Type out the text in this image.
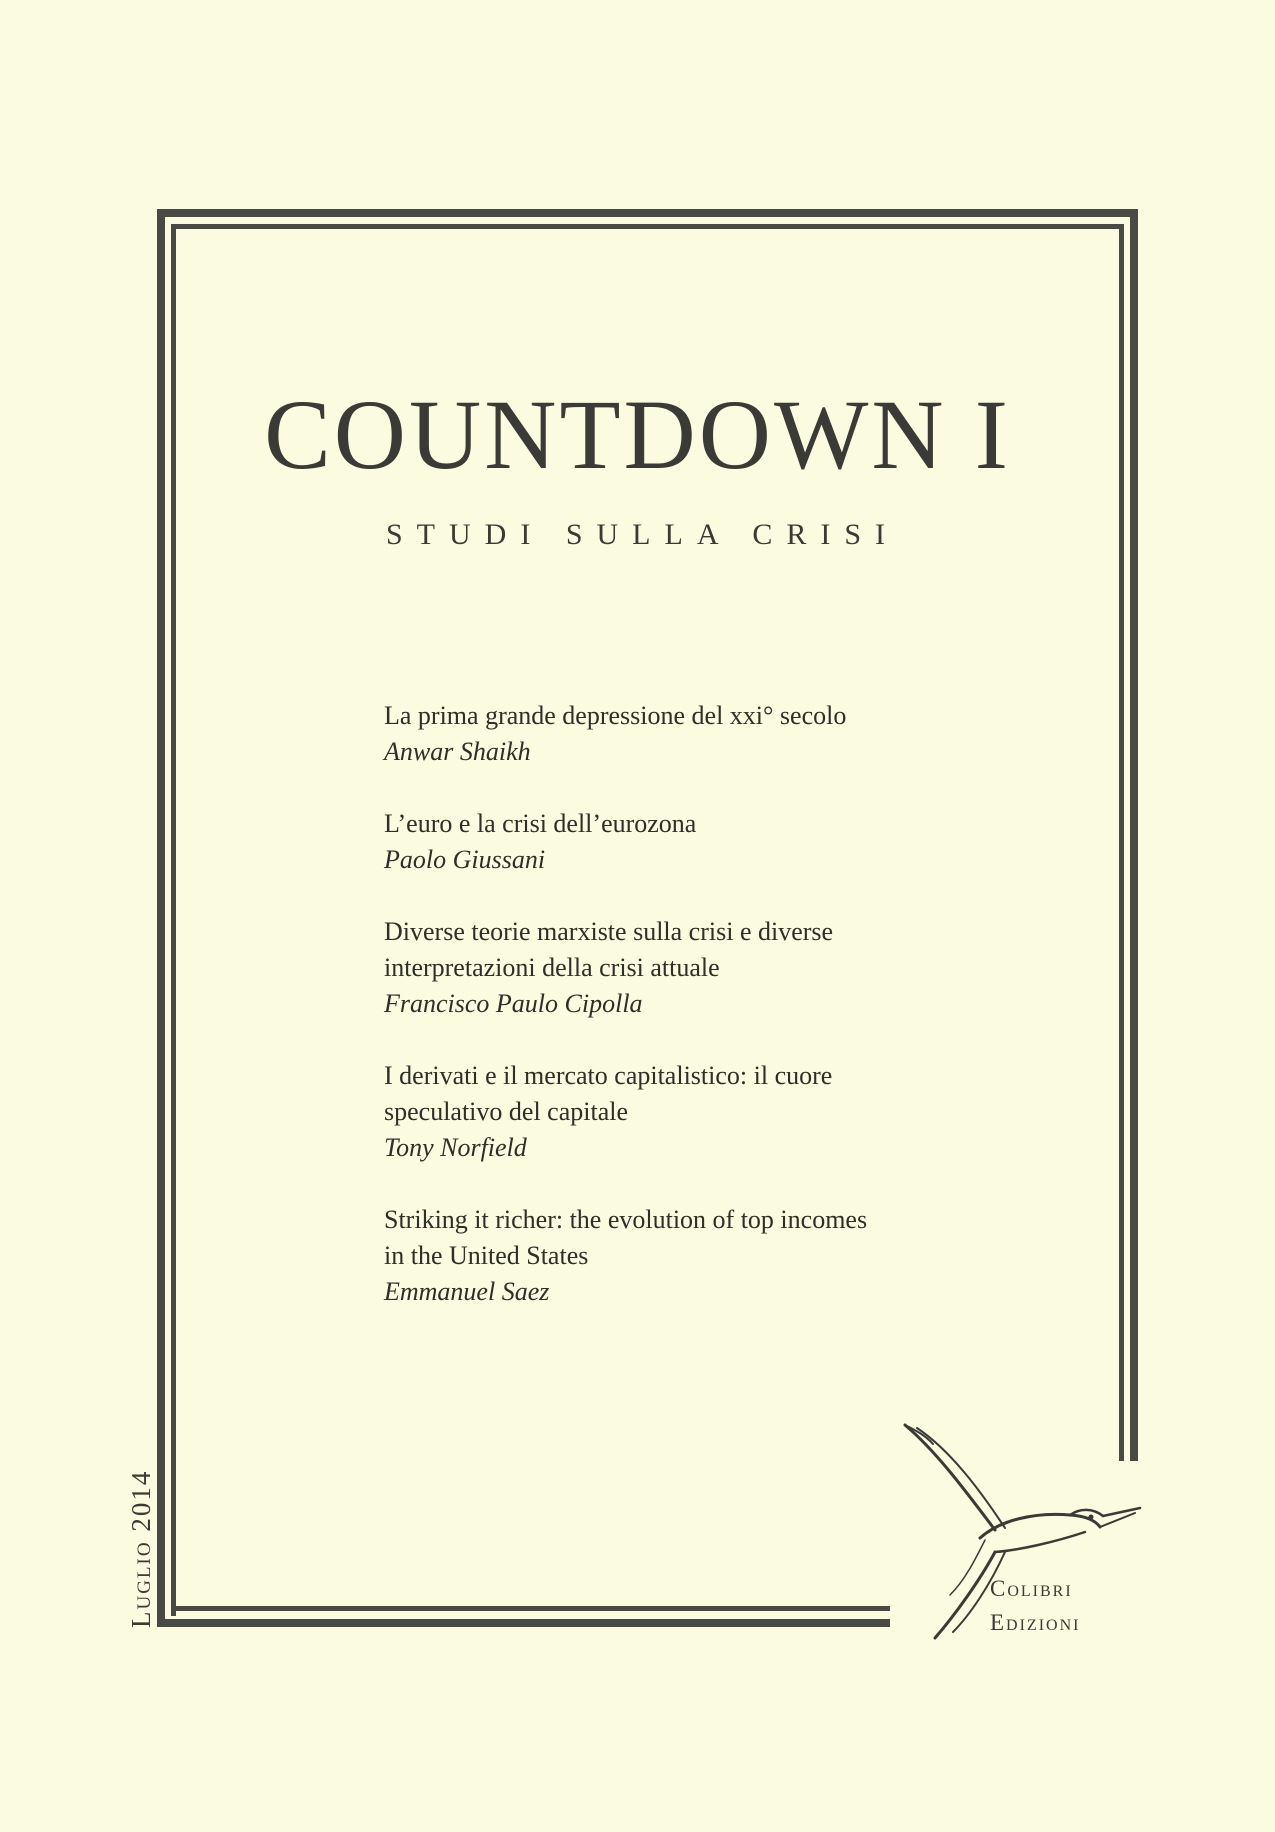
COUNTDOWN I
STUDI SULLA CRISI
La prima grande depressione del xxi° secolo
Anwar Shaikh
L’euro e la crisi dell’eurozona
Paolo Giussani
Diverse teorie marxiste sulla crisi e diverse
interpretazioni della crisi attuale
Francisco Paulo Cipolla
I derivati e il mercato capitalistico: il cuore
speculativo del capitale
Tony Norfield
Striking it richer: the evolution of top incomes
in the United States
Emmanuel Saez
Luglio 2014	Colibri
Edizioni
